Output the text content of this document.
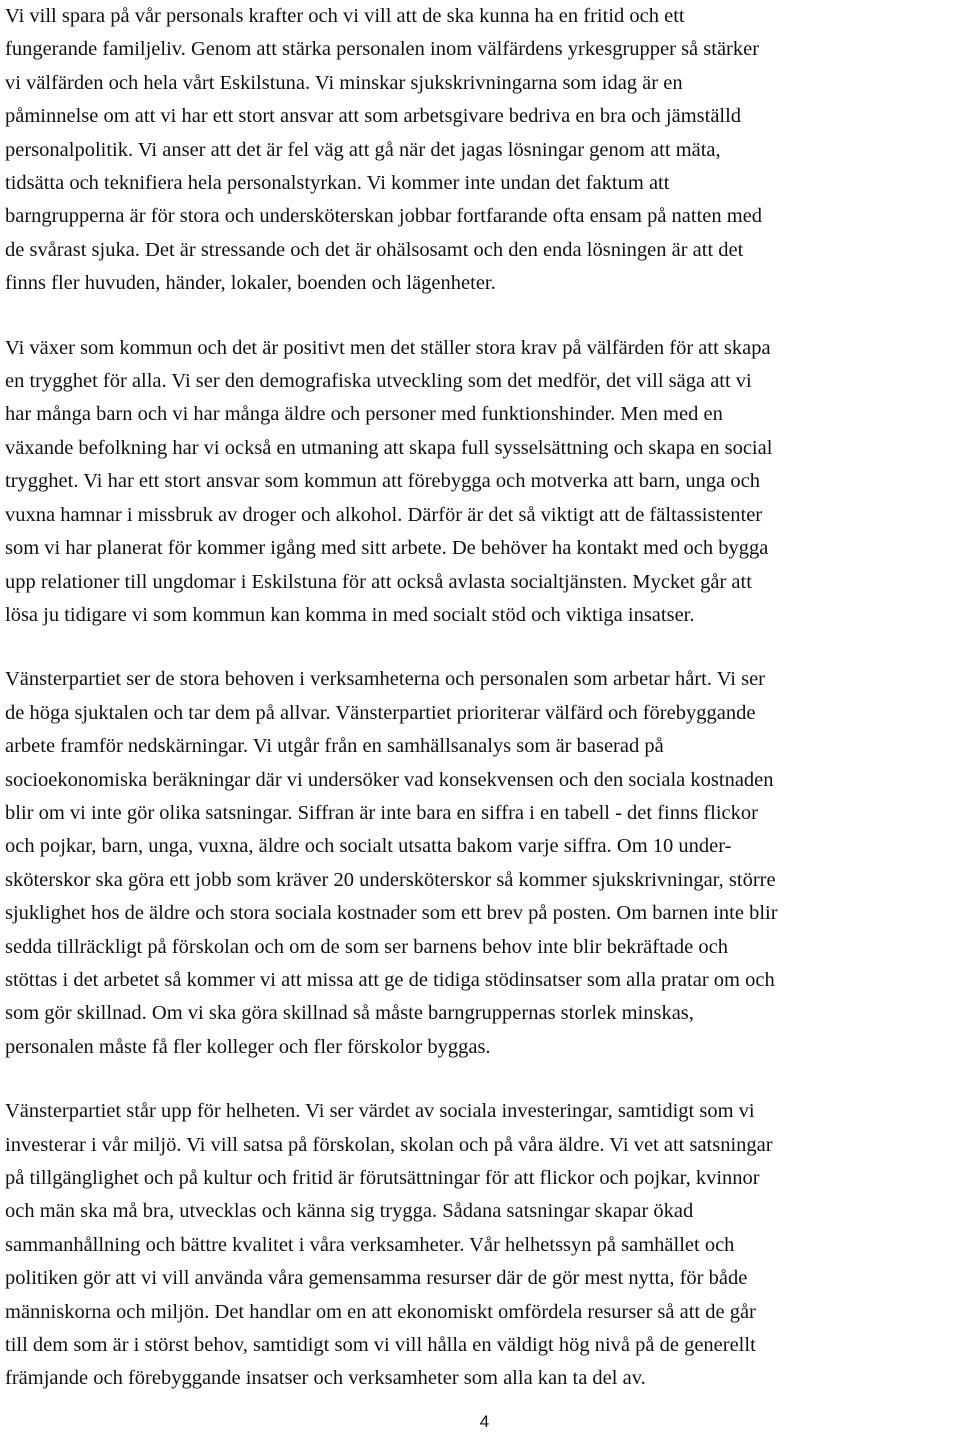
Vi vill spara på vår personals krafter och vi vill att de ska kunna ha en fritid och ett
fungerande familjeliv. Genom att stärka personalen inom välfärdens yrkesgrupper så stärker
vi välfärden och hela vårt Eskilstuna. Vi minskar sjukskrivningarna som idag är en
påminnelse om att vi har ett stort ansvar att som arbetsgivare bedriva en bra och jämställd
personalpolitik. Vi anser att det är fel väg att gå när det jagas lösningar genom att mäta,
tidsätta och teknifiera hela personalstyrkan. Vi kommer inte undan det faktum att
barngrupperna är för stora och undersköterskan jobbar fortfarande ofta ensam på natten med
de svårast sjuka. Det är stressande och det är ohälsosamt och den enda lösningen är att det
finns fler huvuden, händer, lokaler, boenden och lägenheter.

Vi växer som kommun och det är positivt men det ställer stora krav på välfärden för att skapa
en trygghet för alla. Vi ser den demografiska utveckling som det medför, det vill säga att vi
har många barn och vi har många äldre och personer med funktionshinder. Men med en
växande befolkning har vi också en utmaning att skapa full sysselsättning och skapa en social
trygghet. Vi har ett stort ansvar som kommun att förebygga och motverka att barn, unga och
vuxna hamnar i missbruk av droger och alkohol. Därför är det så viktigt att de fältassistenter
som vi har planerat för kommer igång med sitt arbete. De behöver ha kontakt med och bygga
upp relationer till ungdomar i Eskilstuna för att också avlasta socialtjänsten. Mycket går att
lösa ju tidigare vi som kommun kan komma in med socialt stöd och viktiga insatser.

Vänsterpartiet ser de stora behoven i verksamheterna och personalen som arbetar hårt. Vi ser
de höga sjuktalen och tar dem på allvar. Vänsterpartiet prioriterar välfärd och förebyggande
arbete framför nedskärningar. Vi utgår från en samhällsanalys som är baserad på
socioekonomiska beräkningar där vi undersöker vad konsekvensen och den sociala kostnaden
blir om vi inte gör olika satsningar. Siffran är inte bara en siffra i en tabell - det finns flickor
och pojkar, barn, unga, vuxna, äldre och socialt utsatta bakom varje siffra. Om 10 under-
sköterskor ska göra ett jobb som kräver 20 undersköterskor så kommer sjukskrivningar, större
sjuklighet hos de äldre och stora sociala kostnader som ett brev på posten. Om barnen inte blir
sedda tillräckligt på förskolan och om de som ser barnens behov inte blir bekräftade och
stöttas i det arbetet så kommer vi att missa att ge de tidiga stödinsatser som alla pratar om och
som gör skillnad. Om vi ska göra skillnad så måste barngruppernas storlek minskas,
personalen måste få fler kolleger och fler förskolor byggas.

Vänsterpartiet står upp för helheten. Vi ser värdet av sociala investeringar, samtidigt som vi
investerar i vår miljö. Vi vill satsa på förskolan, skolan och på våra äldre. Vi vet att satsningar
på tillgänglighet och på kultur och fritid är förutsättningar för att flickor och pojkar, kvinnor
och män ska må bra, utvecklas och känna sig trygga. Sådana satsningar skapar ökad
sammanhållning och bättre kvalitet i våra verksamheter. Vår helhetssyn på samhället och
politiken gör att vi vill använda våra gemensamma resurser där de gör mest nytta, för både
människorna och miljön. Det handlar om en att ekonomiskt omfördela resurser så att de går
till dem som är i störst behov, samtidigt som vi vill hålla en väldigt hög nivå på de generellt
främjande och förebyggande insatser och verksamheter som alla kan ta del av.

4
